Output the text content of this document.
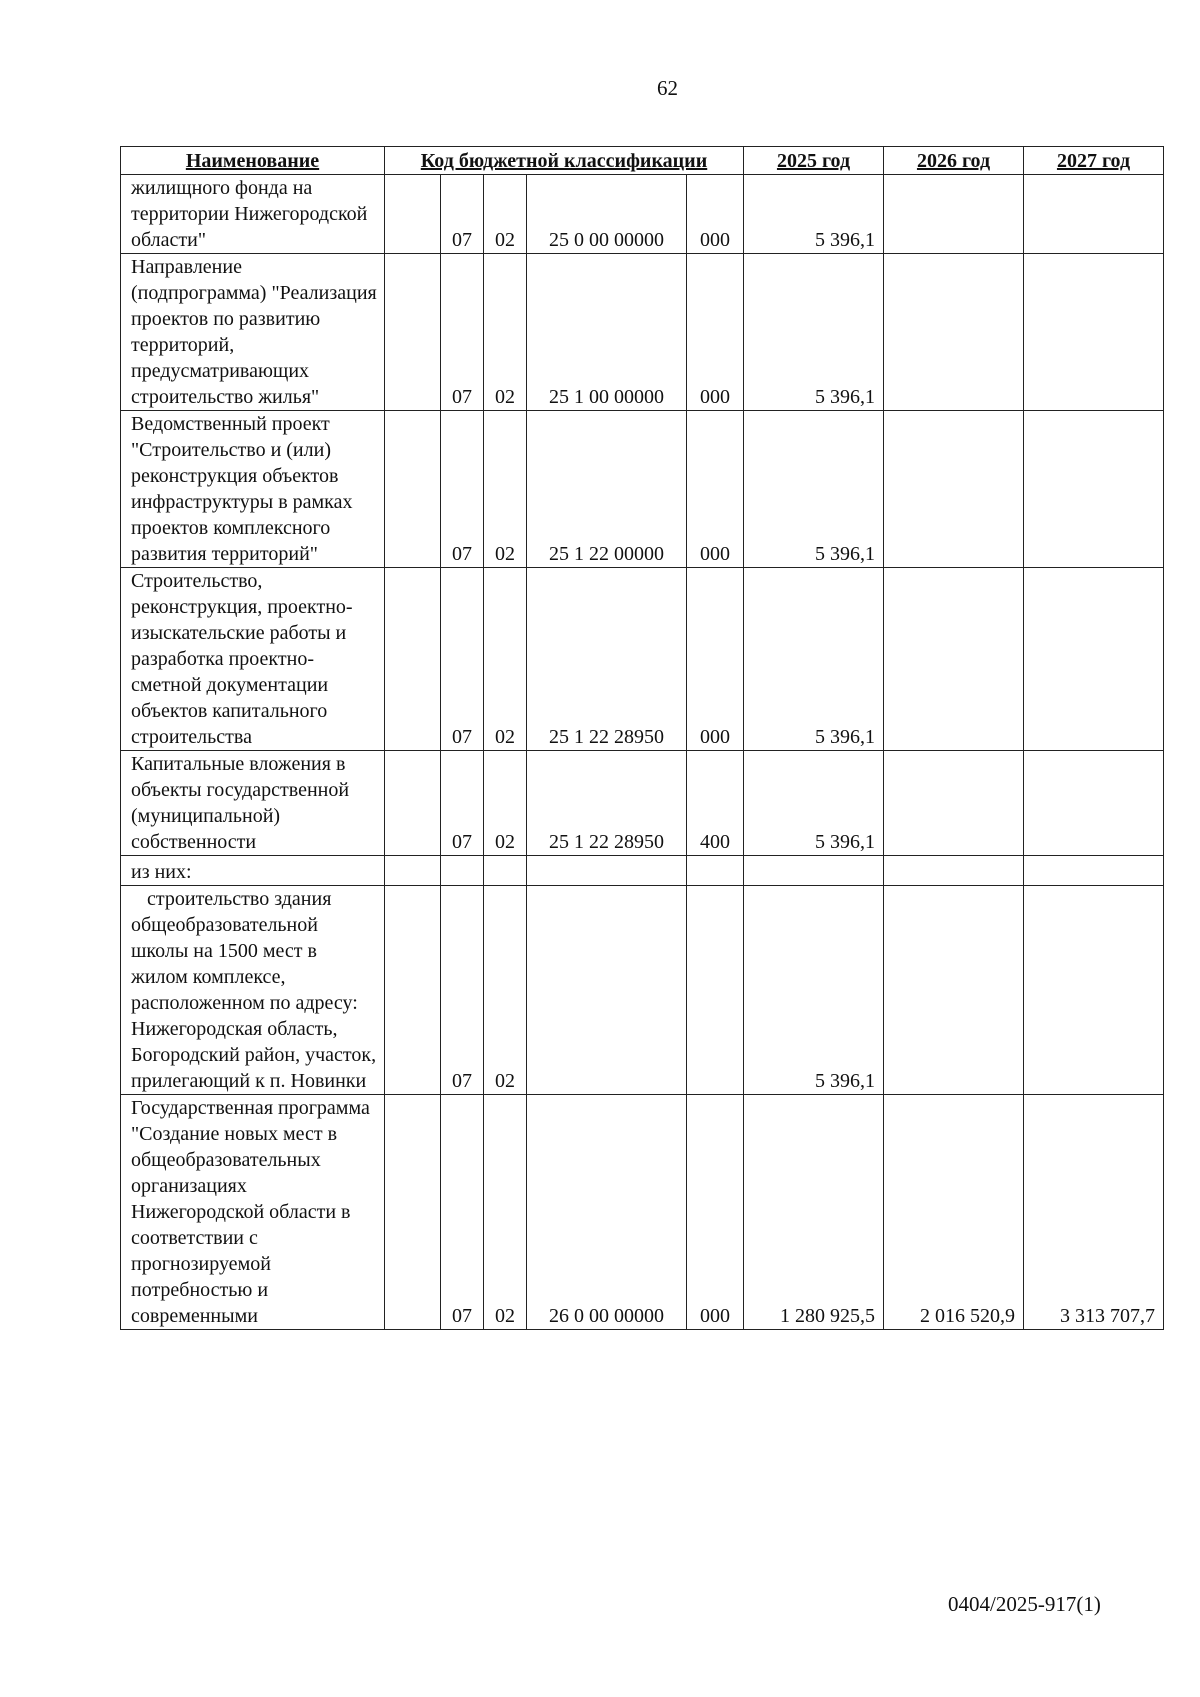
62
Наименование	Код бюджетной классификации					2025 год	2026 год	2027 год
жилищного фонда на территории Нижегородской области"		07	02	25 0 00 00000	000	5 396,1		
Направление (подпрограмма) "Реализация проектов по развитию территорий, предусматривающих строительство жилья"		07	02	25 1 00 00000	000	5 396,1		
Ведомственный проект "Строительство и (или) реконструкция объектов инфраструктуры в рамках проектов комплексного развития территорий"		07	02	25 1 22 00000	000	5 396,1		
Строительство, реконструкция, проектно-изыскательские работы и разработка проектно-сметной документации объектов капитального строительства		07	02	25 1 22 28950	000	5 396,1		
Капитальные вложения в объекты государственной (муниципальной) собственности		07	02	25 1 22 28950	400	5 396,1		
из них:								
строительство здания общеобразовательной школы на 1500 мест в жилом комплексе, расположенном по адресу: Нижегородская область, Богородский район, участок, прилегающий к п. Новинки		07	02			5 396,1		
Государственная программа "Создание новых мест в общеобразовательных организациях Нижегородской области в соответствии с прогнозируемой потребностью и современными		07	02	26 0 00 00000	000	1 280 925,5	2 016 520,9	3 313 707,7
0404/2025-917(1)
